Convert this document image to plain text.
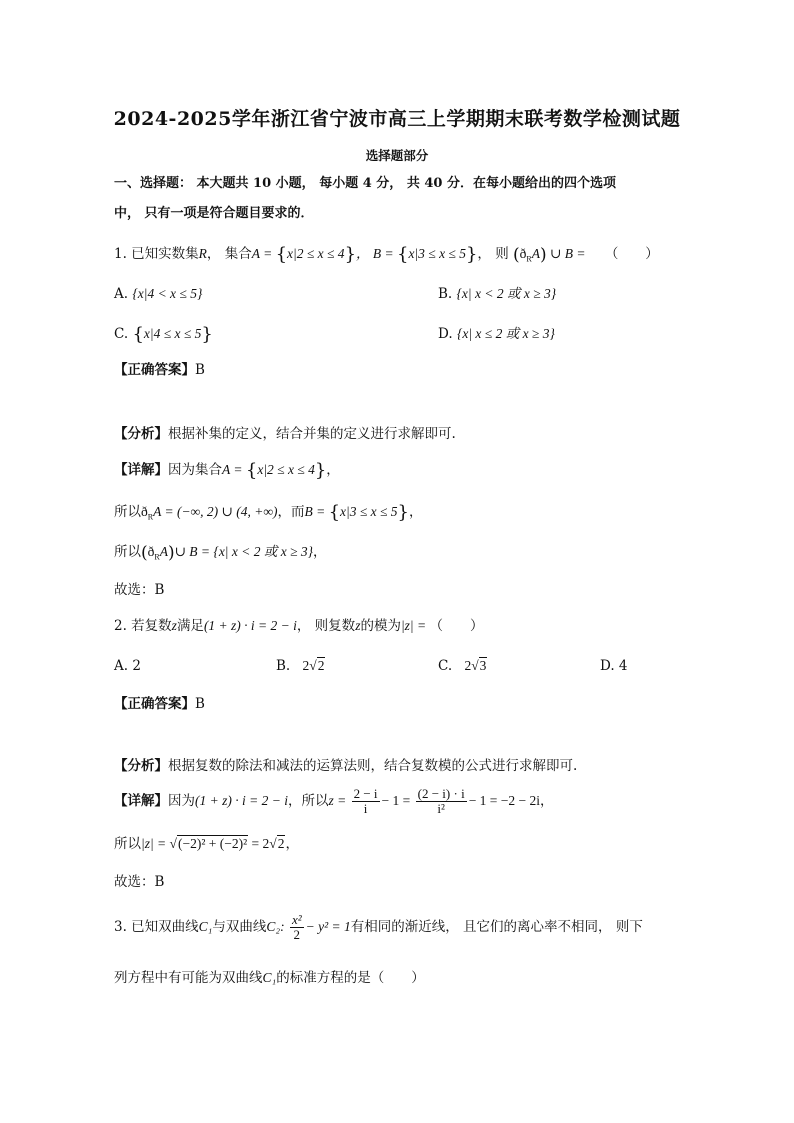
2024-2025学年浙江省宁波市高三上学期期末联考数学检测试题
选择题部分
一、选择题： 本大题共 10 小题， 每小题 4 分， 共 40 分．在每小题给出的四个选项
中， 只有一项是符合题目要求的．
1. 已知实数集R， 集合A = {x|2 ≤ x ≤ 4}， B = {x|3 ≤ x ≤ 5}， 则 $(ð_RA)$ ∪ B = （　　）
A. {x|4 < x ≤ 5}	B. {x| x < 2 或 x ≥ 3}
C. {x|4 ≤ x ≤ 5}	D. {x| x ≤ 2 或 x ≥ 3}
【正确答案】B
【分析】根据补集的定义，结合并集的定义进行求解即可.
【详解】因为集合A = {x|2 ≤ x ≤ 4}，
所以$ð_RA$ = (−∞, 2) ∪ (4, +∞)，而B = {x|3 ≤ x ≤ 5}，
所以$(ð_RA)\cup$ B = {x| x < 2 或 x ≥ 3}，
故选：B
2. 若复数z满足(1 + z) · i = 2 − i， 则复数z的模为|z| = （　　）
A. 2	B. 2√2	C. 2√3	D. 4
【正确答案】B
【分析】根据复数的除法和减法的运算法则，结合复数模的公式进行求解即可.
【详解】因为(1 + z) · i = 2 − i，所以$z = \frac{2 - i}{i} - 1 = \frac{(2 - i) \cdot i}{\text{i²}} - 1 = -2 - 2i$，
所以|z| = √(−2)² + (−2)² = 2√2，
故选：B
3. 已知双曲线C₁与双曲线C₂: $\frac{\text{x²}}{2} - y^2 = 1$有相同的渐近线， 且它们的离心率不相同， 则下
列方程中有可能为双曲线C₁的标准方程的是（　　）
